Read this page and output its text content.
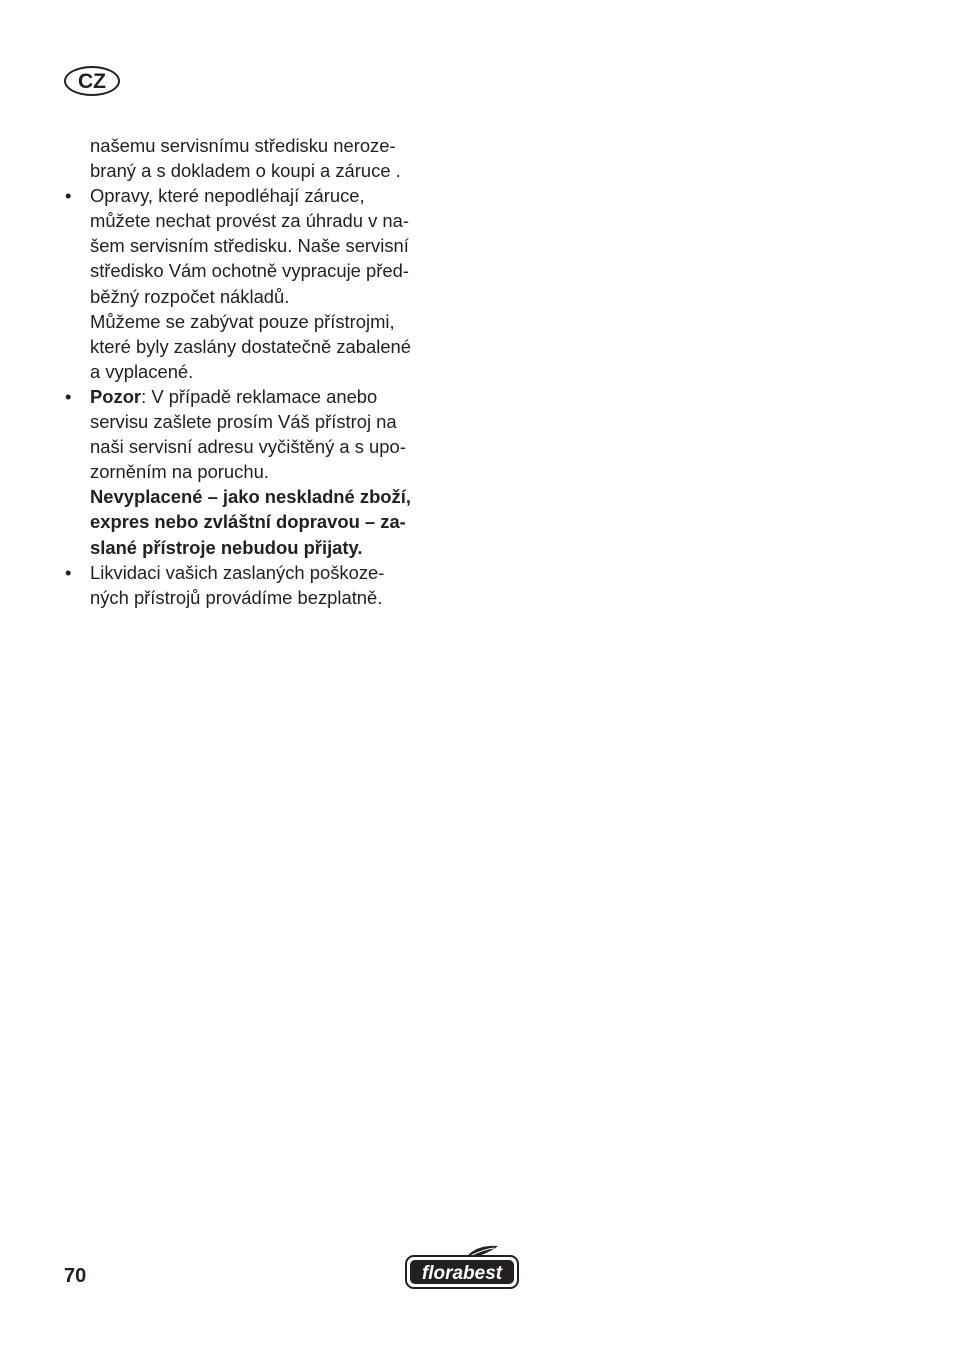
CZ

našemu servisnímu středisku neroze-
braný a s dokladem o koupi a záruce .

• Opravy, které nepodléhají záruce,
můžete nechat provést za úhradu v na-
šem servisním středisku. Naše servisní
středisko Vám ochotně vypracuje před-
běžný rozpočet nákladů.
Můžeme se zabývat pouze přístrojmi,
které byly zaslány dostatečně zabalené
a vyplacené.
• Pozor: V případě reklamace anebo
servisu zašlete prosím Váš přístroj na
naši servisní adresu vyčištěný a s upo-
zorněním na poruchu.
Nevyplacené – jako neskladné zboží,
expres nebo zvláštní dopravou – za-
slané přístroje nebudou přijaty.
• Likvidaci vašich zaslaných poškoze-
ných přístrojů provádíme bezplatně.
70	florabest
